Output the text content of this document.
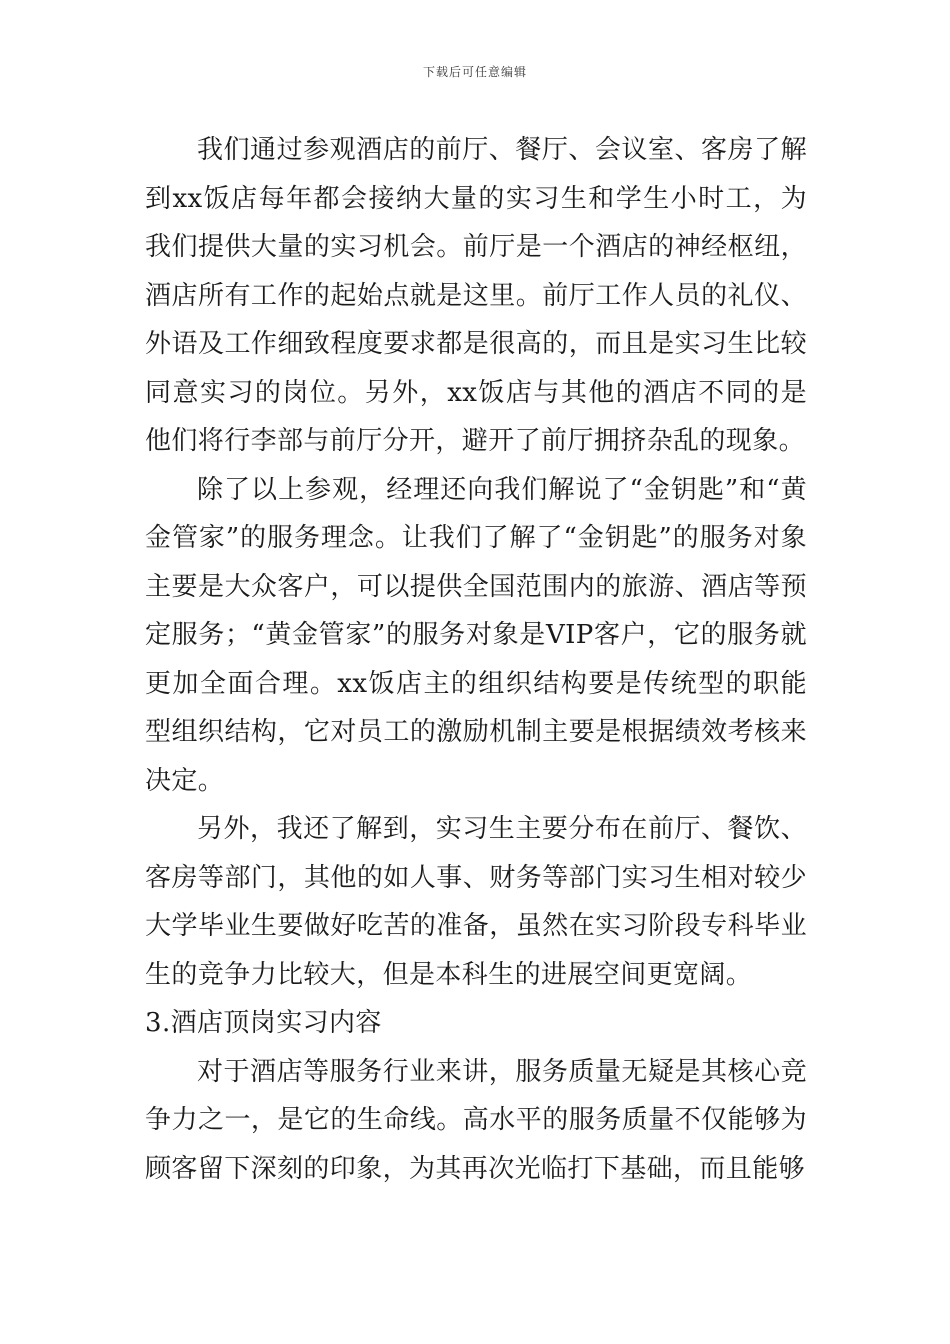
下载后可任意编辑

我们通过参观酒店的前厅、餐厅、会议室、客房了解到xx饭店每年都会接纳大量的实习生和学生小时工，为我们提供大量的实习机会。前厅是一个酒店的神经枢纽，酒店所有工作的起始点就是这里。前厅工作人员的礼仪、外语及工作细致程度要求都是很高的，而且是实习生比较同意实习的岗位。另外，xx饭店与其他的酒店不同的是他们将行李部与前厅分开，避开了前厅拥挤杂乱的现象。

除了以上参观，经理还向我们解说了“金钥匙”和“黄金管家”的服务理念。让我们了解了“金钥匙”的服务对象主要是大众客户，可以提供全国范围内的旅游、酒店等预定服务；“黄金管家”的服务对象是VIP客户，它的服务就更加全面合理。xx饭店主的组织结构要是传统型的职能型组织结构，它对员工的激励机制主要是根据绩效考核来决定。

另外，我还了解到，实习生主要分布在前厅、餐饮、客房等部门，其他的如人事、财务等部门实习生相对较少大学毕业生要做好吃苦的准备，虽然在实习阶段专科毕业生的竞争力比较大，但是本科生的进展空间更宽阔。

3.酒店顶岗实习内容

对于酒店等服务行业来讲，服务质量无疑是其核心竞争力之一，是它的生命线。高水平的服务质量不仅能够为顾客留下深刻的印象，为其再次光临打下基础，而且能够
